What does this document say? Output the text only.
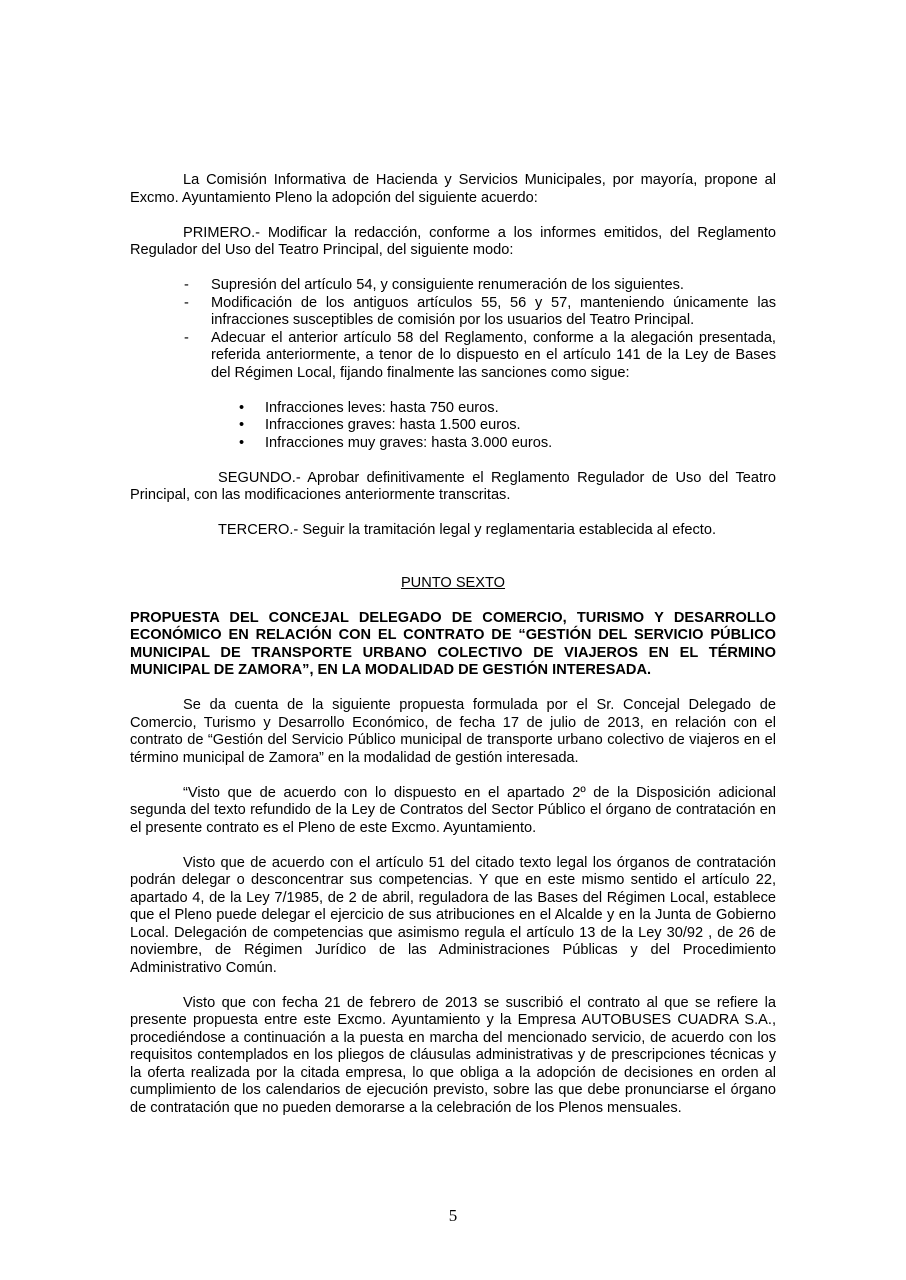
La Comisión Informativa de Hacienda y Servicios Municipales, por mayoría, propone al Excmo. Ayuntamiento Pleno la adopción del siguiente acuerdo:

PRIMERO.- Modificar la redacción, conforme a los informes emitidos, del Reglamento Regulador del Uso del Teatro Principal, del siguiente modo:

- Supresión del artículo 54, y consiguiente renumeración de los siguientes.
- Modificación de los antiguos artículos 55, 56 y 57, manteniendo únicamente las infracciones susceptibles de comisión por los usuarios del Teatro Principal.
- Adecuar el anterior artículo 58 del Reglamento, conforme a la alegación presentada, referida anteriormente, a tenor de lo dispuesto en el artículo 141 de la Ley de Bases del Régimen Local, fijando finalmente las sanciones como sigue:
• Infracciones leves: hasta 750 euros.
• Infracciones graves: hasta 1.500 euros.
• Infracciones muy graves: hasta 3.000 euros.

SEGUNDO.- Aprobar definitivamente el Reglamento Regulador de Uso del Teatro Principal, con las modificaciones anteriormente transcritas.

TERCERO.- Seguir la tramitación legal y reglamentaria establecida al efecto.

PUNTO SEXTO
PROPUESTA DEL CONCEJAL DELEGADO DE COMERCIO, TURISMO Y DESARROLLO ECONÓMICO EN RELACIÓN CON EL CONTRATO DE “GESTIÓN DEL SERVICIO PÚBLICO MUNICIPAL DE TRANSPORTE URBANO COLECTIVO DE VIAJEROS EN EL TÉRMINO MUNICIPAL DE ZAMORA”, EN LA MODALIDAD DE GESTIÓN INTERESADA.

Se da cuenta de la siguiente propuesta formulada por el Sr. Concejal Delegado de Comercio, Turismo y Desarrollo Económico, de fecha 17 de julio de 2013, en relación con el contrato de “Gestión del Servicio Público municipal de transporte urbano colectivo de viajeros en el término municipal de Zamora” en la modalidad de gestión interesada.

“Visto que de acuerdo con lo dispuesto en el apartado 2º de la Disposición adicional segunda del texto refundido de la Ley de Contratos del Sector Público el órgano de contratación en el presente contrato es el Pleno de este Excmo. Ayuntamiento.

Visto que de acuerdo con el artículo 51 del citado texto legal los órganos de contratación podrán delegar o desconcentrar sus competencias. Y que en este mismo sentido el artículo 22, apartado 4, de la Ley 7/1985, de 2 de abril, reguladora de las Bases del Régimen Local, establece que el Pleno puede delegar el ejercicio de sus atribuciones en el Alcalde y en la Junta de Gobierno Local. Delegación de competencias que asimismo regula el artículo 13 de la Ley 30/92 , de 26 de noviembre, de Régimen Jurídico de las Administraciones Públicas y del Procedimiento Administrativo Común.

Visto que con fecha 21 de febrero de 2013 se suscribió el contrato al que se refiere la presente propuesta entre este Excmo. Ayuntamiento y la Empresa AUTOBUSES CUADRA S.A., procediéndose a continuación a la puesta en marcha del mencionado servicio, de acuerdo con los requisitos contemplados en los pliegos de cláusulas administrativas y de prescripciones técnicas y la oferta realizada por la citada empresa, lo que obliga a la adopción de decisiones en orden al cumplimiento de los calendarios de ejecución previsto, sobre las que debe pronunciarse el órgano de contratación que no pueden demorarse a la celebración de los Plenos mensuales.

5
